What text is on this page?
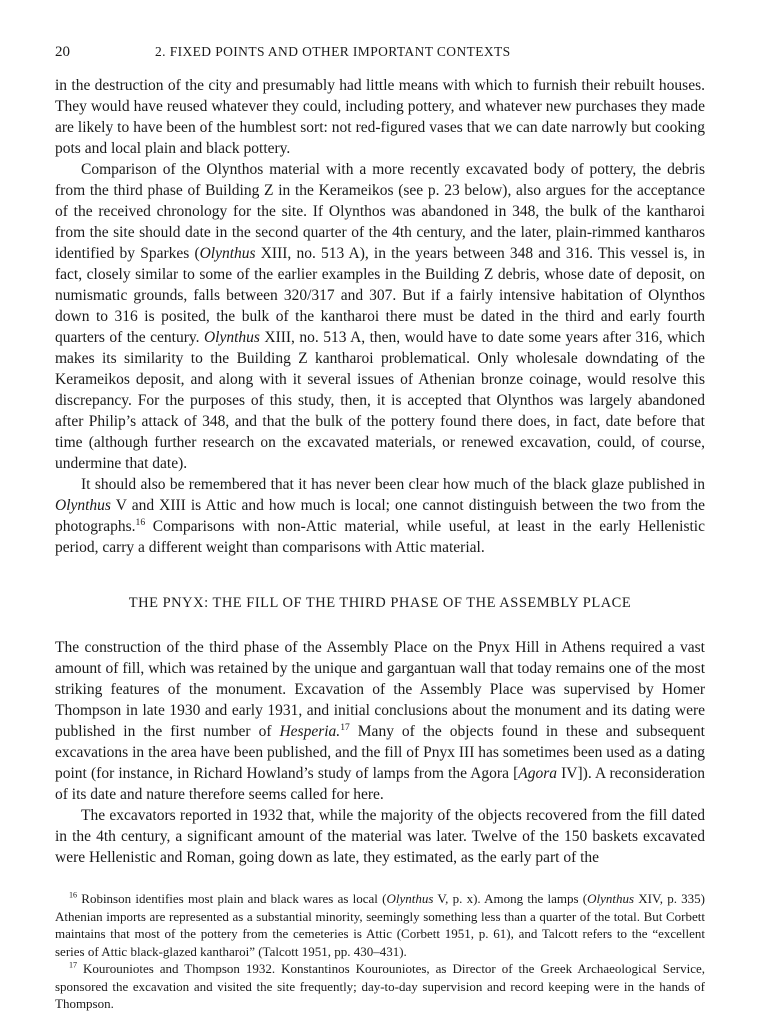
20	2. FIXED POINTS AND OTHER IMPORTANT CONTEXTS

in the destruction of the city and presumably had little means with which to furnish their rebuilt houses. They would have reused whatever they could, including pottery, and whatever new purchases they made are likely to have been of the humblest sort: not red-figured vases that we can date narrowly but cooking pots and local plain and black pottery.

Comparison of the Olynthos material with a more recently excavated body of pottery, the debris from the third phase of Building Z in the Kerameikos (see p. 23 below), also argues for the acceptance of the received chronology for the site. If Olynthos was abandoned in 348, the bulk of the kantharoi from the site should date in the second quarter of the 4th century, and the later, plain-rimmed kantharos identified by Sparkes (Olynthus XIII, no. 513 A), in the years between 348 and 316. This vessel is, in fact, closely similar to some of the earlier examples in the Building Z debris, whose date of deposit, on numismatic grounds, falls between 320/317 and 307. But if a fairly intensive habitation of Olynthos down to 316 is posited, the bulk of the kantharoi there must be dated in the third and early fourth quarters of the century. Olynthus XIII, no. 513 A, then, would have to date some years after 316, which makes its similarity to the Building Z kantharoi problematical. Only wholesale downdating of the Kerameikos deposit, and along with it several issues of Athenian bronze coinage, would resolve this discrepancy. For the purposes of this study, then, it is accepted that Olynthos was largely abandoned after Philip’s attack of 348, and that the bulk of the pottery found there does, in fact, date before that time (although further research on the excavated materials, or renewed excavation, could, of course, undermine that date).

It should also be remembered that it has never been clear how much of the black glaze published in Olynthus V and XIII is Attic and how much is local; one cannot distinguish between the two from the photographs.$^{16}$ Comparisons with non-Attic material, while useful, at least in the early Hellenistic period, carry a different weight than comparisons with Attic material.

THE PNYX: THE FILL OF THE THIRD PHASE OF THE ASSEMBLY PLACE

The construction of the third phase of the Assembly Place on the Pnyx Hill in Athens required a vast amount of fill, which was retained by the unique and gargantuan wall that today remains one of the most striking features of the monument. Excavation of the Assembly Place was supervised by Homer Thompson in late 1930 and early 1931, and initial conclusions about the monument and its dating were published in the first number of Hesperia.$^{17}$ Many of the objects found in these and subsequent excavations in the area have been published, and the fill of Pnyx III has sometimes been used as a dating point (for instance, in Richard Howland’s study of lamps from the Agora [Agora IV]). A reconsideration of its date and nature therefore seems called for here.

The excavators reported in 1932 that, while the majority of the objects recovered from the fill dated in the 4th century, a significant amount of the material was later. Twelve of the 150 baskets excavated were Hellenistic and Roman, going down as late, they estimated, as the early part of the

$^{16}$ Robinson identifies most plain and black wares as local (Olynthus V, p. x). Among the lamps (Olynthus XIV, p. 335) Athenian imports are represented as a substantial minority, seemingly something less than a quarter of the total. But Corbett maintains that most of the pottery from the cemeteries is Attic (Corbett 1951, p. 61), and Talcott refers to the “excellent series of Attic black-glazed kantharoi” (Talcott 1951, pp. 430–431).

$^{17}$ Kourouniotes and Thompson 1932. Konstantinos Kourouniotes, as Director of the Greek Archaeological Service, sponsored the excavation and visited the site frequently; day-to-day supervision and record keeping were in the hands of Thompson.
